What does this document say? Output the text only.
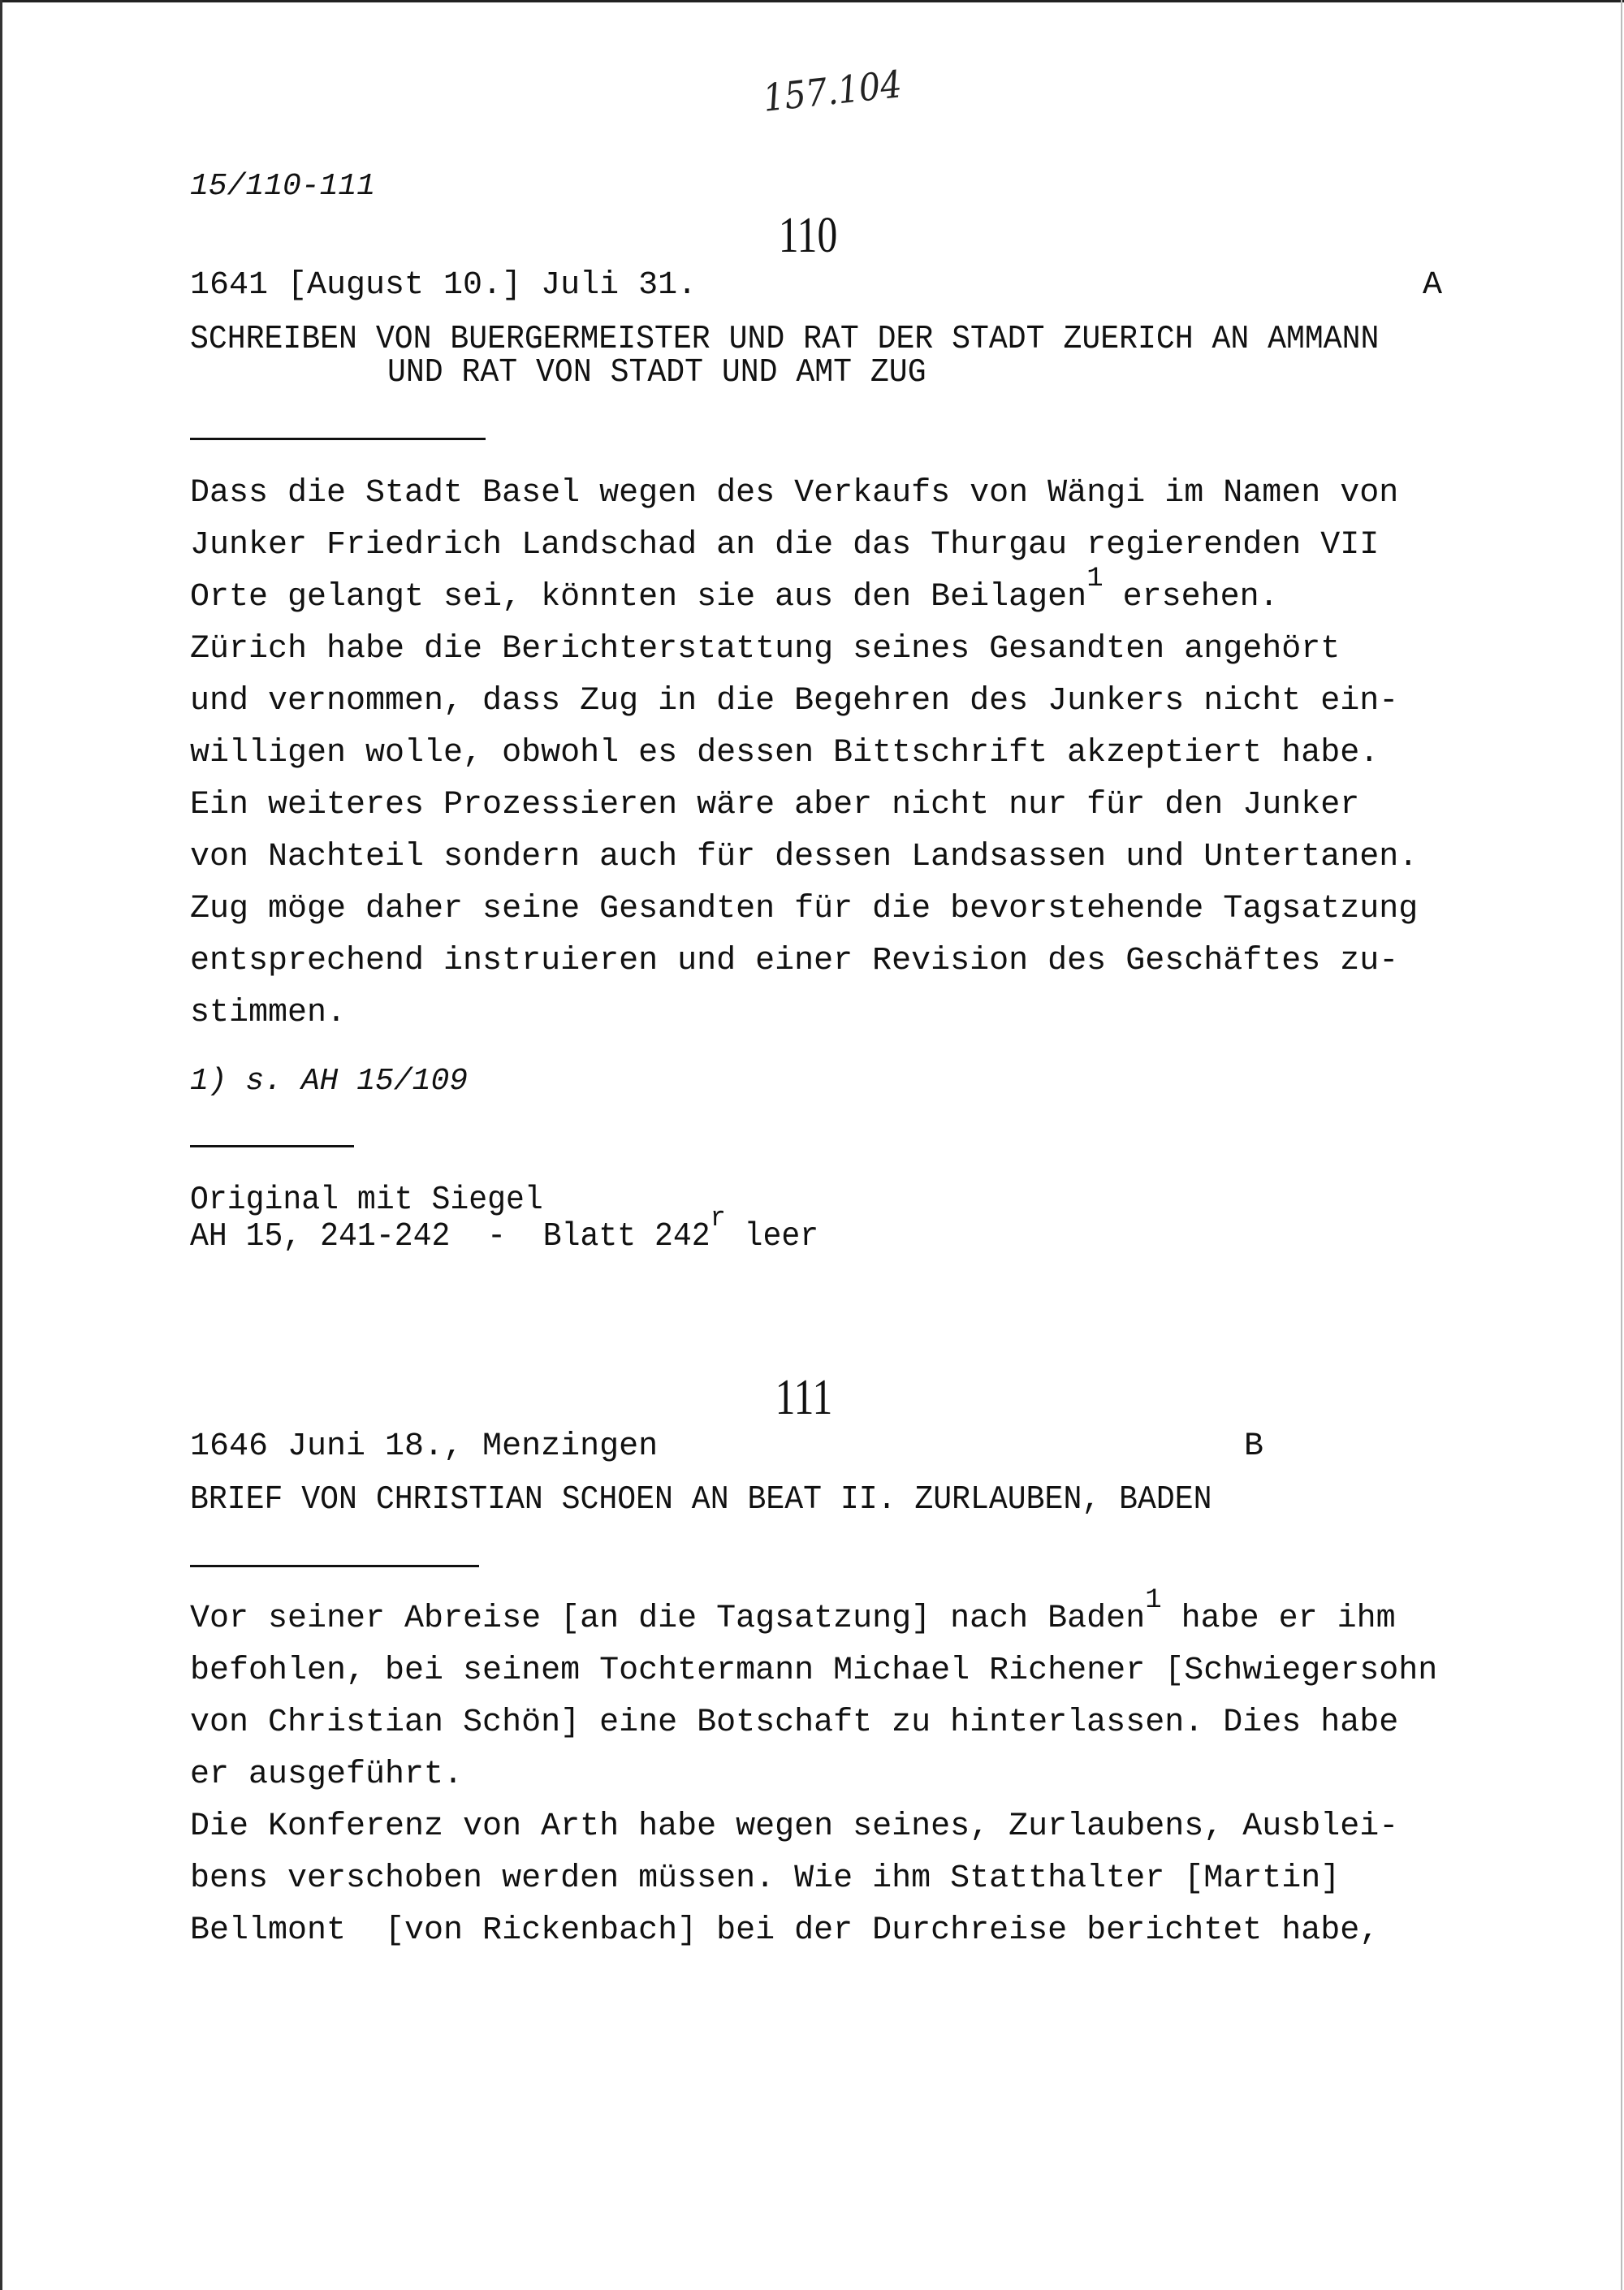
157.104
15/110-111
110
1641 [August 10.] Juli 31.	A
SCHREIBEN VON BUERGERMEISTER UND RAT DER STADT ZUERICH AN AMMANN
UND RAT VON STADT UND AMT ZUG
Dass die Stadt Basel wegen des Verkaufs von Wängi im Namen von
Junker Friedrich Landschad an die das Thurgau regierenden VII
Orte gelangt sei, könnten sie aus den Beilagen$^1$ ersehen.
Zürich habe die Berichterstattung seines Gesandten angehört
und vernommen, dass Zug in die Begehren des Junkers nicht ein-
willigen wolle, obwohl es dessen Bittschrift akzeptiert habe.
Ein weiteres Prozessieren wäre aber nicht nur für den Junker
von Nachteil sondern auch für dessen Landsassen und Untertanen.
Zug möge daher seine Gesandten für die bevorstehende Tagsatzung
entsprechend instruieren und einer Revision des Geschäftes zu-
stimmen.
1) s. AH 15/109
Original mit Siegel
AH 15, 241-242  -  Blatt 242$^r$ leer
111
1646 Juni 18., Menzingen	B
BRIEF VON CHRISTIAN SCHOEN AN BEAT II. ZURLAUBEN, BADEN
Vor seiner Abreise [an die Tagsatzung] nach Baden$^1$ habe er ihm
befohlen, bei seinem Tochtermann Michael Richener [Schwiegersohn
von Christian Schön] eine Botschaft zu hinterlassen. Dies habe
er ausgeführt.
Die Konferenz von Arth habe wegen seines, Zurlaubens, Ausblei-
bens verschoben werden müssen. Wie ihm Statthalter [Martin]
Bellmont  [von Rickenbach] bei der Durchreise berichtet habe,
